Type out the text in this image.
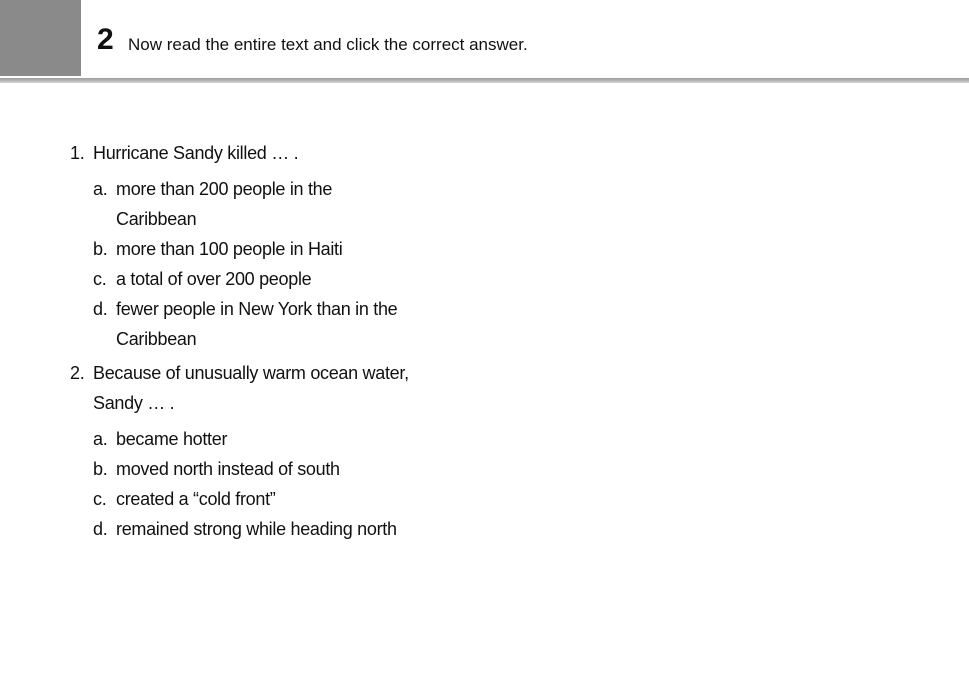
2 Now read the entire text and click the correct answer.
1. Hurricane Sandy killed … .
a. more than 200 people in the Caribbean
b. more than 100 people in Haiti
c. a total of over 200 people
d. fewer people in New York than in the Caribbean
2. Because of unusually warm ocean water, Sandy … .
a. became hotter
b. moved north instead of south
c. created a “cold front”
d. remained strong while heading north
